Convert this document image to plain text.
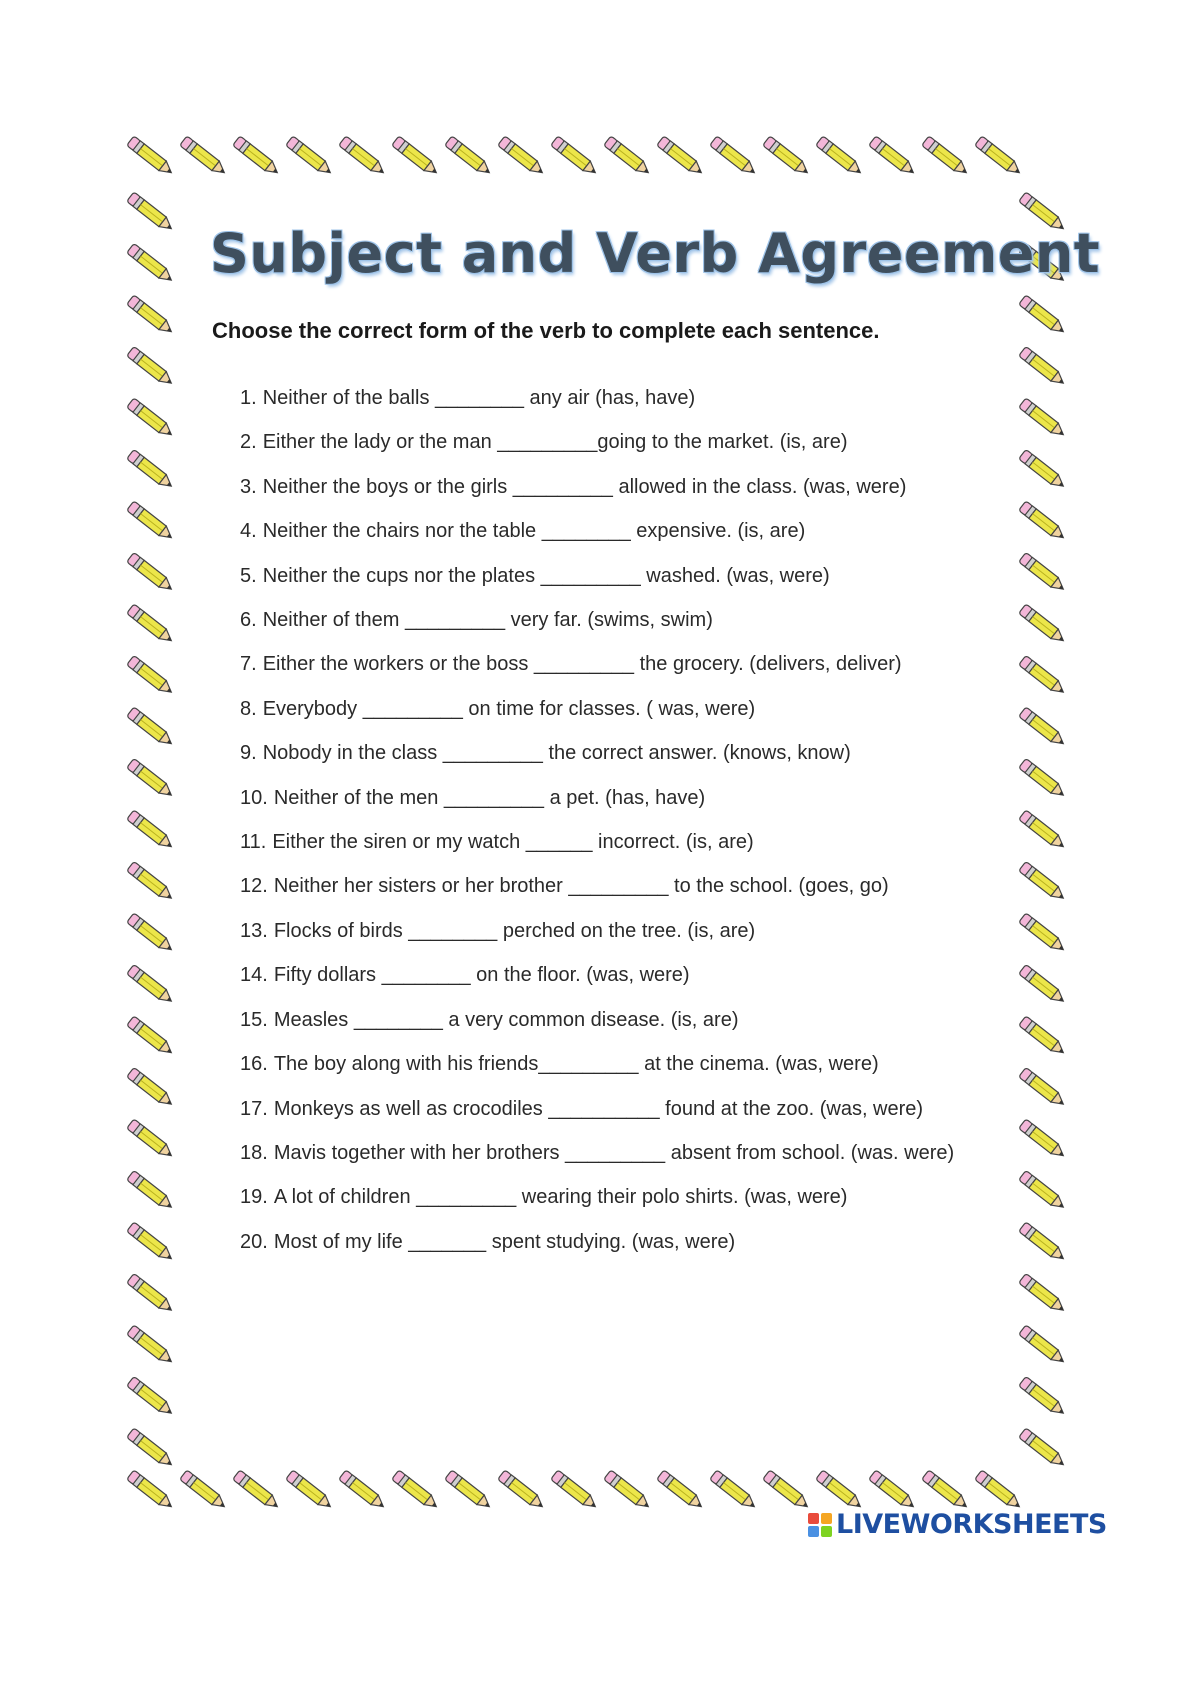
Subject and Verb Agreement

Choose the correct form of the verb to complete each sentence.

1. Neither of the balls ________ any air (has, have)
2. Either the lady or the man _________going to the market. (is, are)
3. Neither the boys or the girls _________ allowed in the class. (was, were)
4. Neither the chairs nor the table ________ expensive. (is, are)
5. Neither the cups nor the plates _________ washed. (was, were)
6. Neither of them _________ very far. (swims, swim)
7. Either the workers or the boss _________ the grocery. (delivers, deliver)
8. Everybody _________ on time for classes. ( was, were)
9. Nobody in the class _________ the correct answer. (knows, know)
10. Neither of the men _________ a pet. (has, have)
11. Either the siren or my watch ______ incorrect. (is, are)
12. Neither her sisters or her brother _________ to the school. (goes, go)
13. Flocks of birds ________ perched on the tree. (is, are)
14. Fifty dollars ________ on the floor. (was, were)
15. Measles ________ a very common disease. (is, are)
16. The boy along with his friends_________ at the cinema. (was, were)
17. Monkeys as well as crocodiles __________ found at the zoo. (was, were)
18. Mavis together with her brothers _________ absent from school. (was. were)
19. A lot of children _________ wearing their polo shirts. (was, were)
20. Most of my life _______ spent studying. (was, were)
LIVEWORKSHEETS
